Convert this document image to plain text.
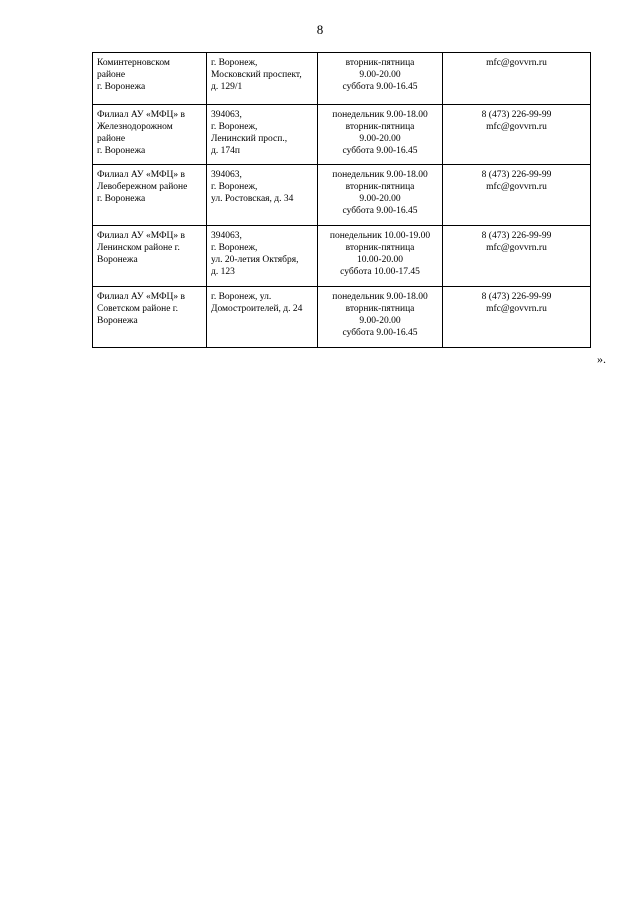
8
Коминтерновском
районе
г. Воронежа	г. Воронеж,
Московский проспект,
д. 129/1	вторник-пятница
9.00-20.00
суббота 9.00-16.45	mfc@govvrn.ru

Филиал АУ «МФЦ» в
Железнодорожном
районе
г. Воронежа	394063,
г. Воронеж,
Ленинский просп.,
д. 174п	понедельник 9.00-18.00
вторник-пятница
9.00-20.00
суббота 9.00-16.45	8 (473) 226-99-99
mfc@govvrn.ru

Филиал АУ «МФЦ» в
Левобережном районе
г. Воронежа	394063,
г. Воронеж,
ул. Ростовская, д. 34	понедельник 9.00-18.00
вторник-пятница
9.00-20.00
суббота 9.00-16.45	8 (473) 226-99-99
mfc@govvrn.ru

Филиал АУ «МФЦ» в
Ленинском районе г.
Воронежа	394063,
г. Воронеж,
ул. 20-летия Октября,
д. 123	понедельник 10.00-19.00
вторник-пятница
10.00-20.00
суббота 10.00-17.45	8 (473) 226-99-99
mfc@govvrn.ru

Филиал АУ «МФЦ» в
Советском районе г.
Воронежа	г. Воронеж, ул.
Домостроителей, д. 24	понедельник 9.00-18.00
вторник-пятница
9.00-20.00
суббота 9.00-16.45	8 (473) 226-99-99
mfc@govvrn.ru
».
